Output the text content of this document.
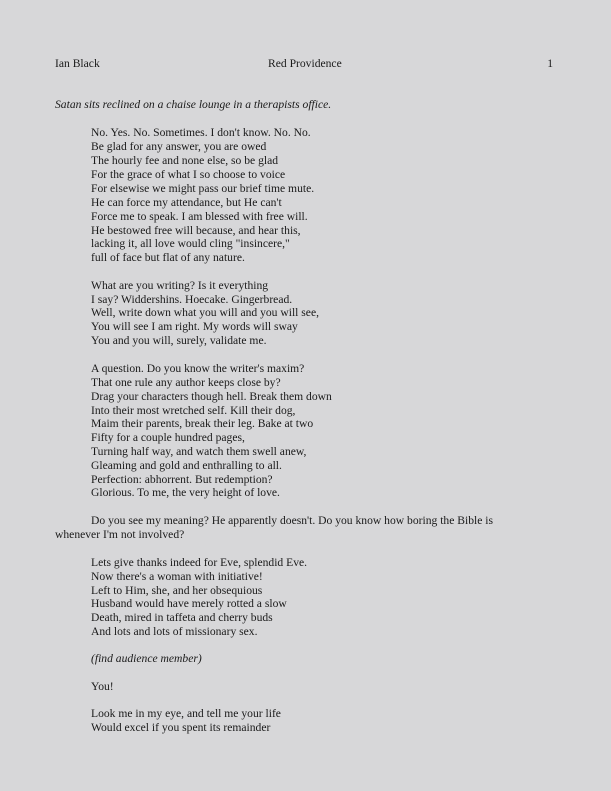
Ian Black	Red Providence	1
Satan sits reclined on a chaise lounge in a therapists office.
No. Yes. No. Sometimes. I don't know. No. No.
Be glad for any answer, you are owed
The hourly fee and none else, so be glad
For the grace of what I so choose to voice
For elsewise we might pass our brief time mute.
He can force my attendance, but He can't
Force me to speak. I am blessed with free will.
He bestowed free will because, and hear this,
lacking it, all love would cling "insincere,"
full of face but flat of any nature.
What are you writing? Is it everything
I say? Widdershins. Hoecake. Gingerbread.
Well, write down what you will and you will see,
You will see I am right. My words will sway
You and you will, surely, validate me.
A question. Do you know the writer's maxim?
That one rule any author keeps close by?
Drag your characters though hell. Break them down
Into their most wretched self. Kill their dog,
Maim their parents, break their leg. Bake at two
Fifty for a couple hundred pages,
Turning half way, and watch them swell anew,
Gleaming and gold and enthralling to all.
Perfection: abhorrent. But redemption?
Glorious. To me, the very height of love.
Do you see my meaning? He apparently doesn't. Do you know how boring the Bible is
whenever I'm not involved?
Lets give thanks indeed for Eve, splendid Eve.
Now there's a woman with initiative!
Left to Him, she, and her obsequious
Husband would have merely rotted a slow
Death, mired in taffeta and cherry buds
And lots and lots of missionary sex.
(find audience member)
You!
Look me in my eye, and tell me your life
Would excel if you spent its remainder
